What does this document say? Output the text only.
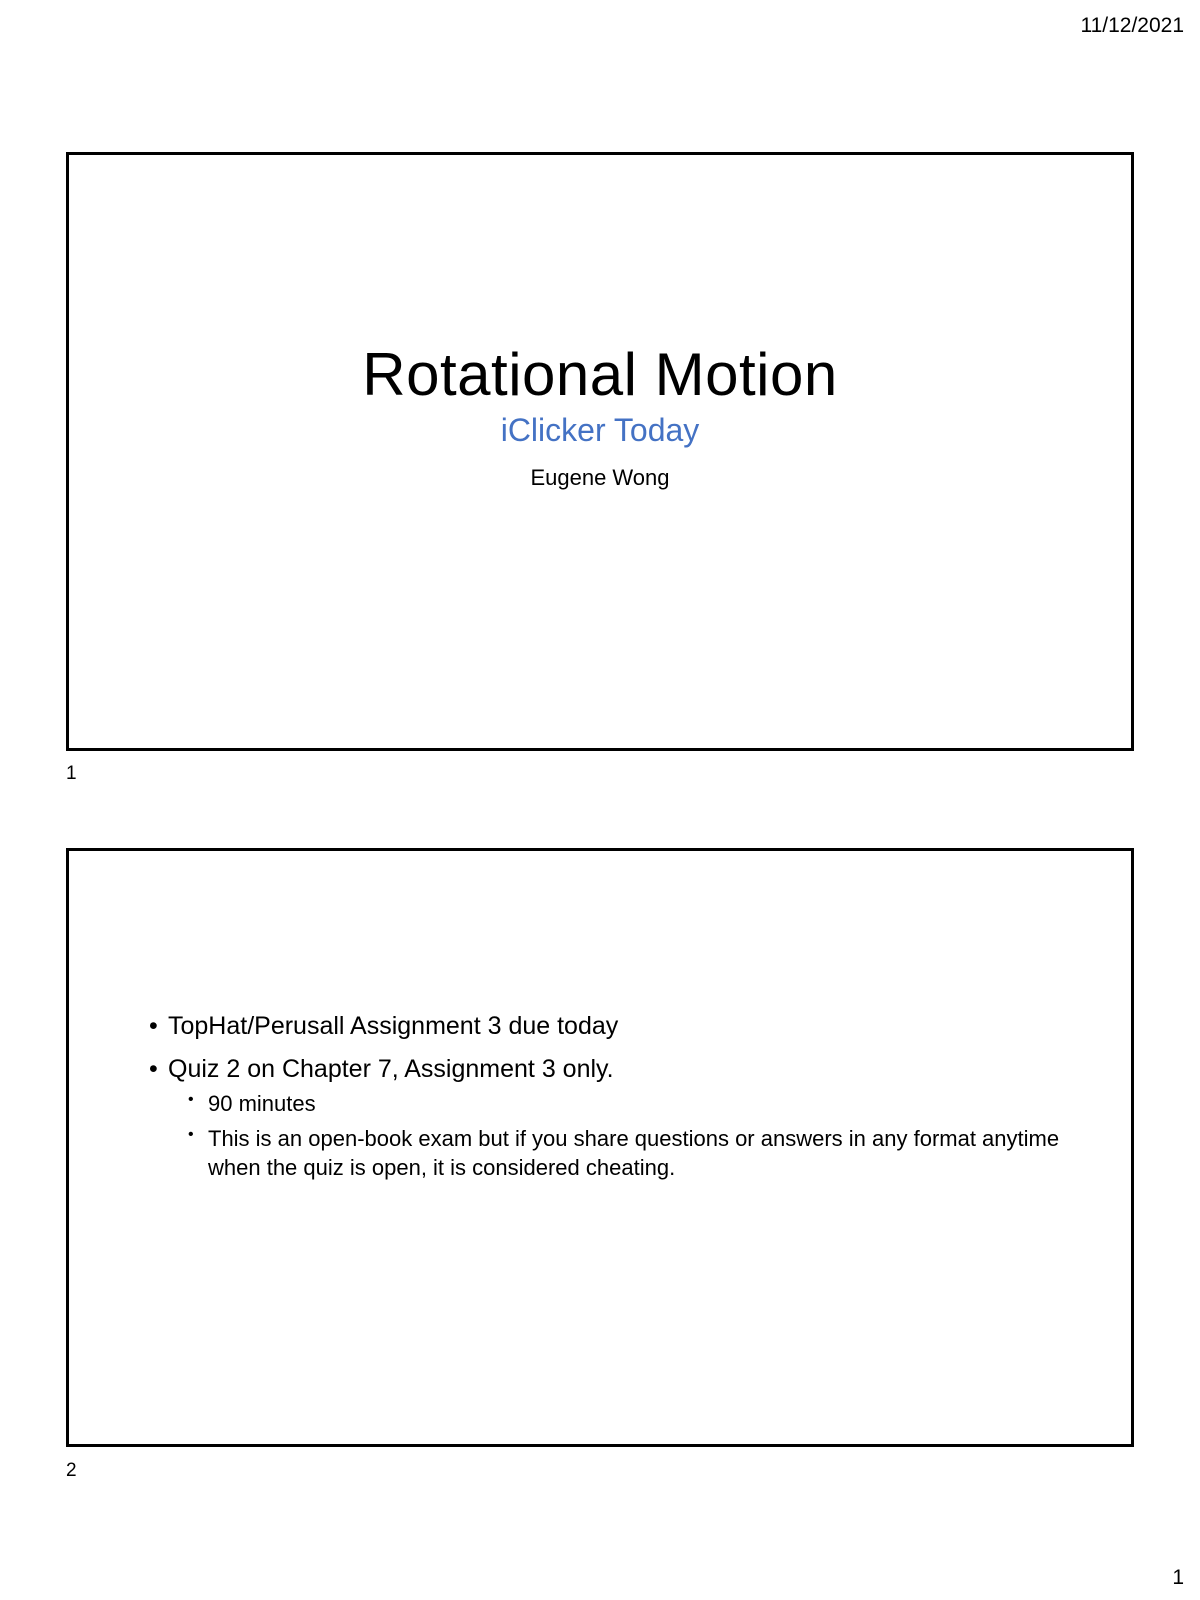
11/12/2021
Rotational Motion
iClicker Today
Eugene Wong
1
• TopHat/Perusall Assignment 3 due today
• Quiz 2 on Chapter 7, Assignment 3 only.
• 90 minutes
• This is an open-book exam but if you share questions or answers in any format anytime when the quiz is open, it is considered cheating.
2
1
